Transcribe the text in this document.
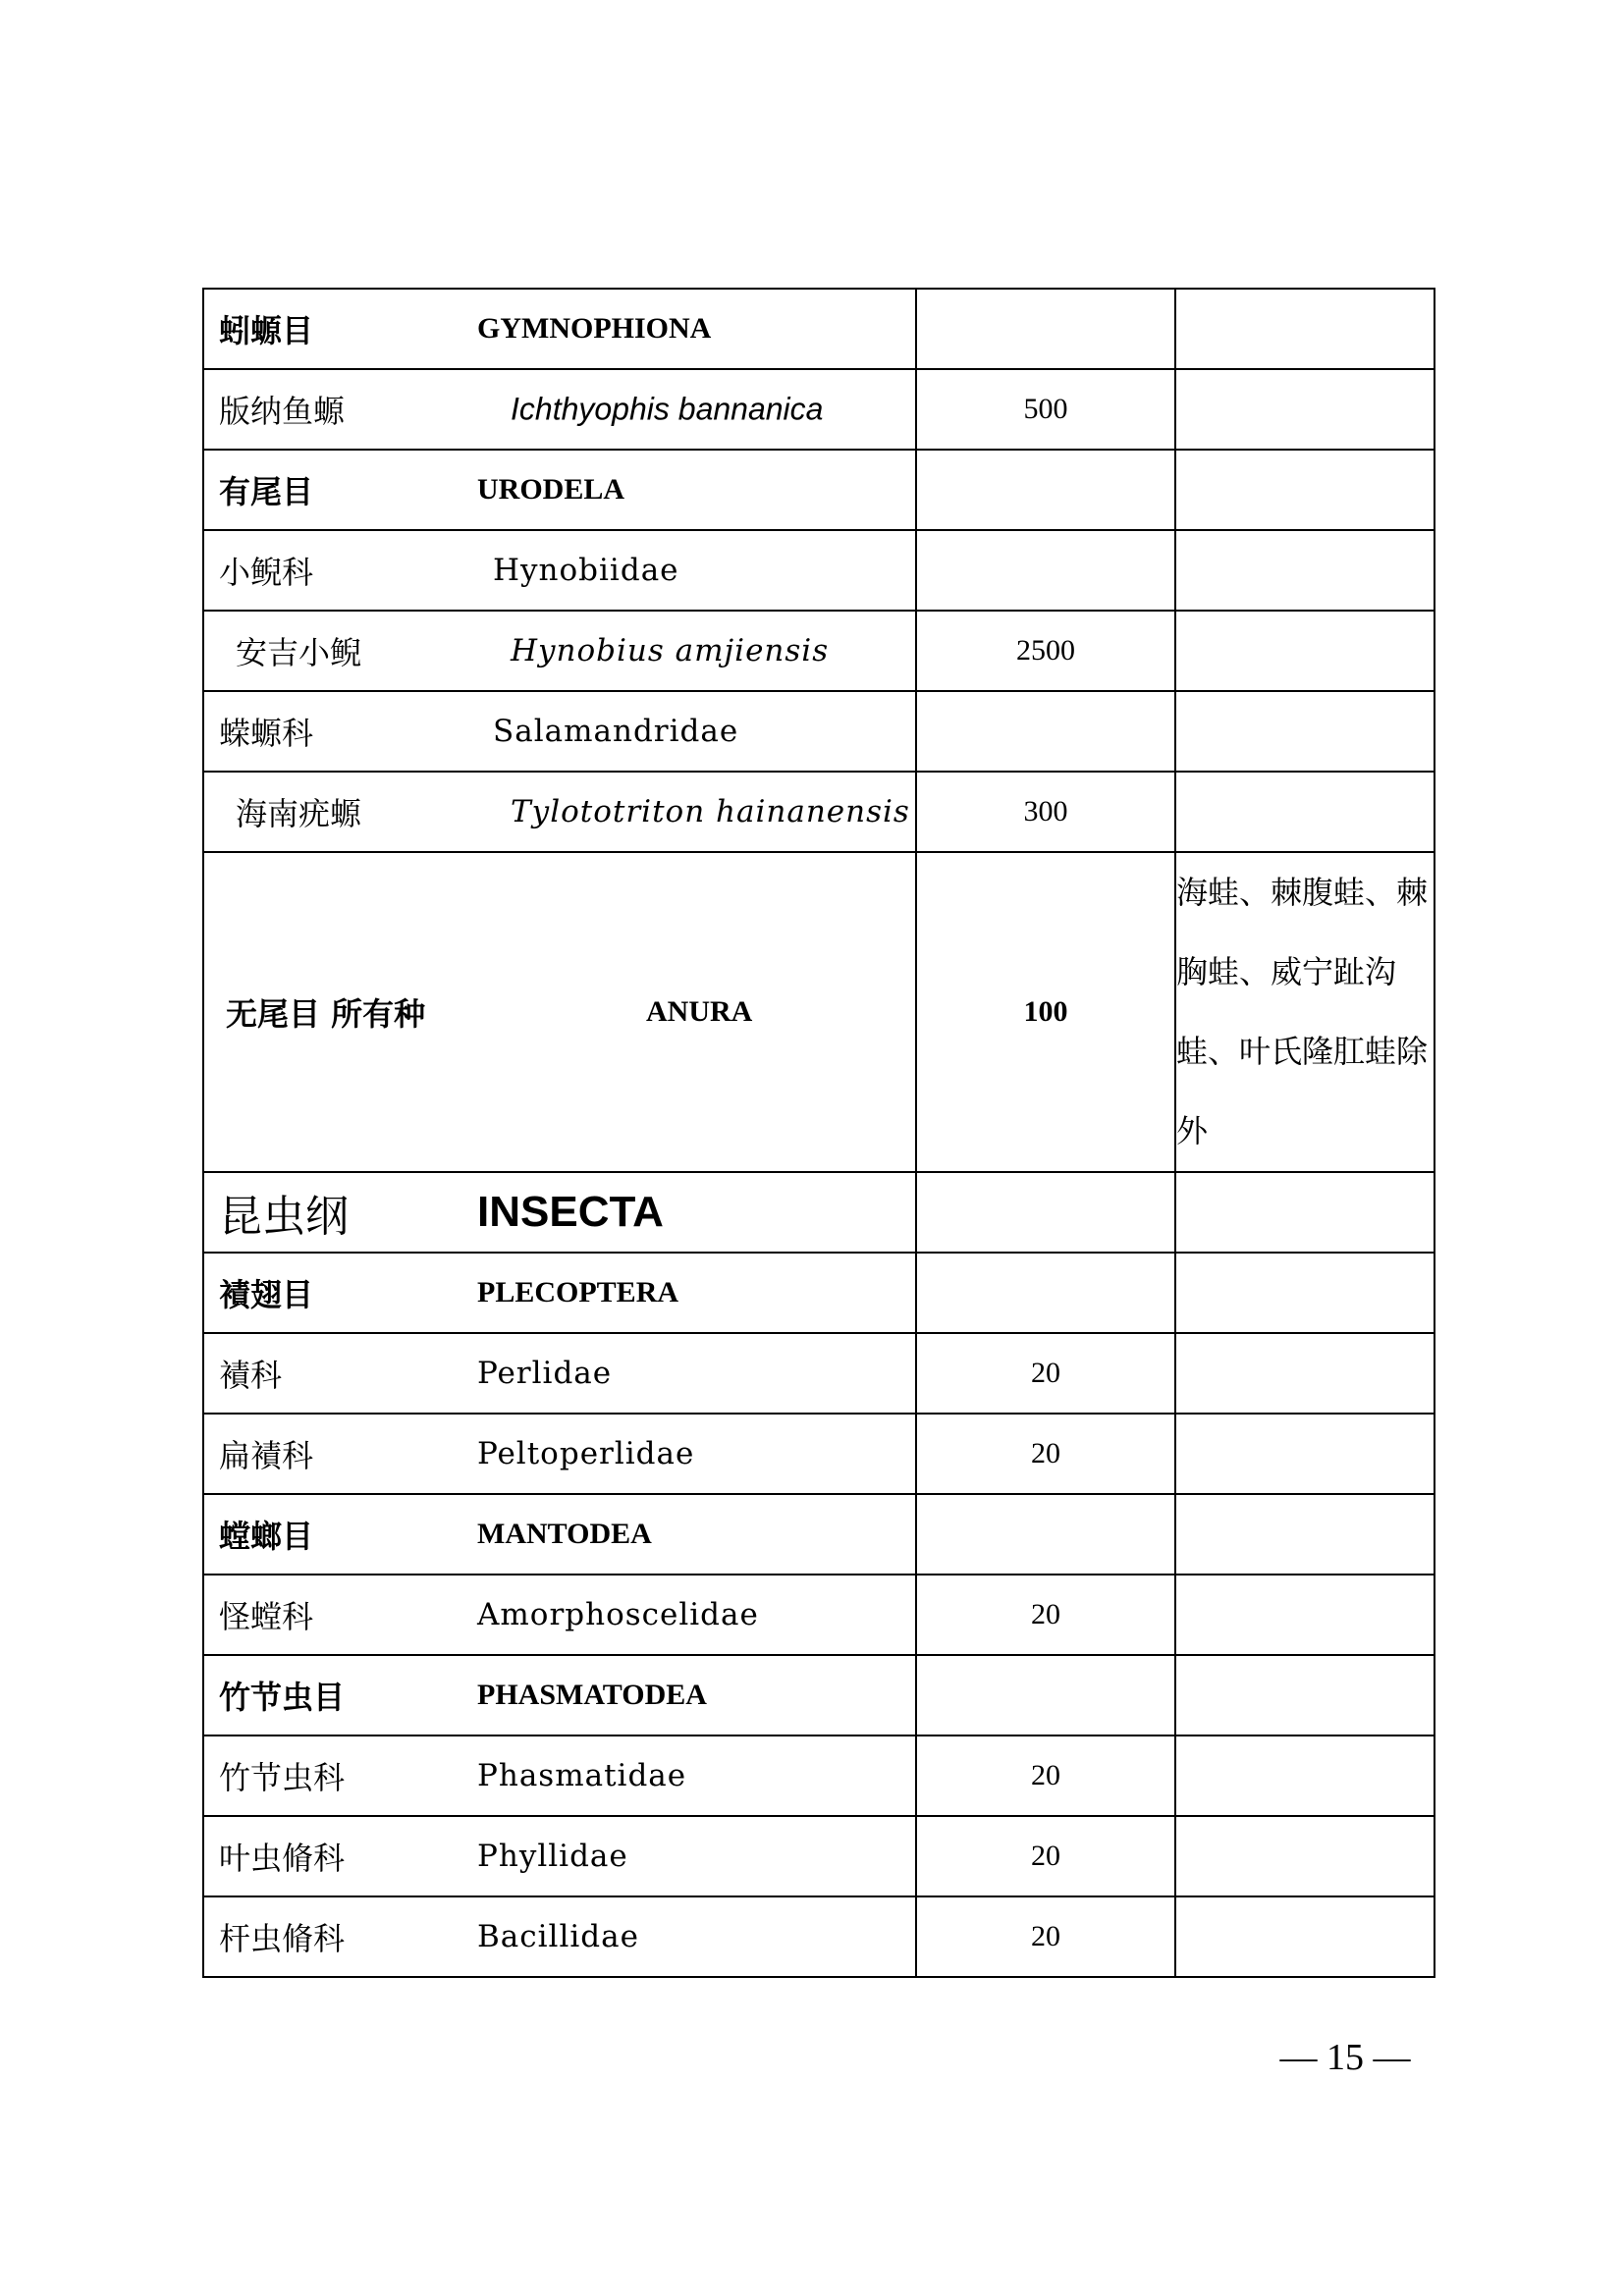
蚓螈目 GYMNOPHIONA		

版纳鱼螈 Ichthyophis bannanica	500	

有尾目 URODELA		

小鲵科 Hynobiidae		

安吉小鲵 Hynobius amjiensis	2500	

蝾螈科 Salamandridae		

海南疣螈 Tylototriton hainanensis	300	

无尾目 所有种 ANURA	100	海蛙、棘腹蛙、棘胸蛙、威宁趾沟蛙、叶氏隆肛蛙除外

昆虫纲 INSECTA		

襀翅目 PLECOPTERA		

襀科 Perlidae	20	

扁襀科 Peltoperlidae	20	

螳螂目 MANTODEA		

怪螳科 Amorphoscelidae	20	

竹节虫目 PHASMATODEA		

竹节虫科 Phasmatidae	20	

叶虫脩科 Phyllidae	20	

杆虫脩科 Bacillidae	20	
— 15 —
